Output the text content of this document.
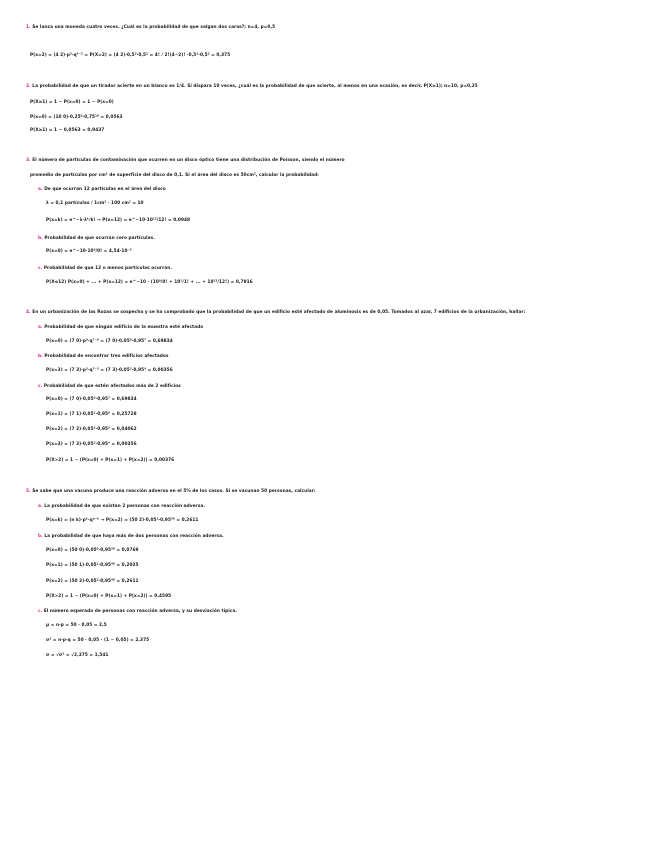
1. Se lanza una moneda cuatro veces. ¿Cuál es la probabilidad de que salgan dos caras?; n=4, p=0,5
P(x=2) = (4 2)·p²·q⁴⁻² = P(X=2) = (4 2)·0,5²·0,5² = 4! / 2!(4−2)! ·0,5²·0,5² = 0,375
2. La probabilidad de que un tirador acierte en un blanco es 1/4. Si dispara 10 veces, ¿cuál es la probabilidad de que acierte, al menos en una ocasión, es decir, P(X≥1); n=10, p=0,25
P(X≥1) = 1 − P(x=0) = 1 − P(x=0)
P(x=0) = (10 0)·0,25⁰·0,75¹⁰ = 0,0563
P(X≥1) = 1 − 0,0563 = 0,9437
3. El número de partículas de contaminación que ocurren en un disco óptico tiene una distribución de Poisson, siendo el número
promedio de partículas por cm² de superficie del disco de 0,1. Si el área del disco es 50cm², calcular la probabilidad:
a. De que ocurran 12 partículas en el área del disco
λ = 0,1 partículas / 1cm² · 100 cm² = 10
P(x=k) = e^−λ·λᵏ/k! → P(x=12) = e^−10·10¹²/12! = 0,0948
b. Probabilidad de que ocurran cero partículas.
P(x=0) = e^−10·10⁰/0! = 4,54·10⁻⁵
c. Probabilidad de que 12 o menos partículas ocurran.
P(X≤12) P(x=0) + ... + P(x=12) = e^−10 · (10⁰/0! + 10¹/1! + ... + 10¹²/12!) = 0,7916
4. En un urbanización de las Rozas se sospecha y se ha comprobado que la probabilidad de que un edificio esté afectado de aluminosis es de 0,05. Tomados al azar, 7 edificios de la urbanización, hallar:
a. Probabilidad de que ningún edificio de la muestra esté afectado
P(x=0) = (7 0)·p⁰·q⁷⁻⁰ = (7 0)·0,05⁰·0,95⁷ = 0,69834
b. Probabilidad de encontrar tres edificios afectados
P(x=3) = (7 3)·p³·q⁷⁻³ = (7 3)·0,05³·0,95⁴ = 0,00356
c. Probabilidad de que estén afectados más de 2 edificios
P(x=0) = (7 0)·0,05⁰·0,95⁷ = 0,69834
P(x=1) = (7 1)·0,05¹·0,95⁶ = 0,25728
P(x=2) = (7 2)·0,05²·0,95⁵ = 0,04062
P(x=3) = (7 3)·0,05³·0,95⁴ = 0,00356
P(X>2) = 1 − (P(x=0) + P(x=1) + P(x=2)) = 0,00376
5. Se sabe que una vacuna produce una reacción adversa en el 5% de los casos. Si se vacunan 50 personas, calcular:
a. La probabilidad de que existan 2 personas con reacción adversa.
P(x=k) = (n k)·pᵏ·qⁿ⁻ᵏ → P(x=2) = (50 2)·0,05²·0,95⁴⁸ = 0,2611
b. La probabilidad de que haya más de dos personas con reacción adversa.
P(x=0) = (50 0)·0,05⁰·0,95⁵⁰ = 0,0769
P(x=1) = (50 1)·0,05¹·0,95⁴⁹ = 0,2025
P(x=2) = (50 2)·0,05²·0,95⁴⁸ = 0,2611
P(X>2) = 1 − (P(x=0) + P(x=1) + P(x=2)) = 0,4595
c. El número esperado de personas con reacción adversa, y su desviación típica.
μ = n·p = 50 · 0,05 = 2,5
σ² = n·p·q = 50 · 0,05 · (1 − 0,05) = 2,375
σ = √σ² = √2,375 = 1,541
